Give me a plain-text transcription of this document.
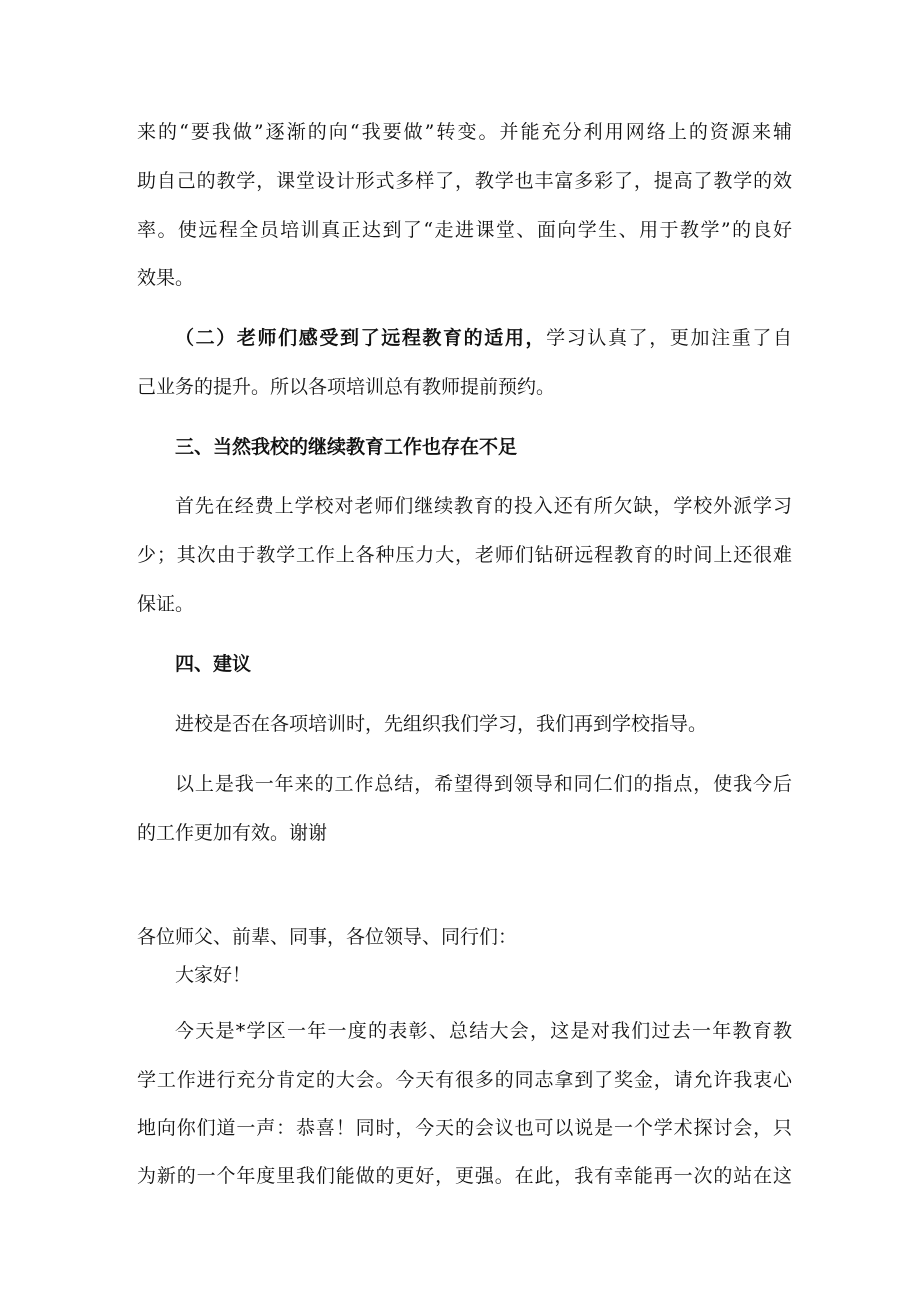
来的“要我做”逐渐的向“我要做”转变。并能充分利用网络上的资源来辅
助自己的教学，课堂设计形式多样了，教学也丰富多彩了，提高了教学的效
率。使远程全员培训真正达到了“走进课堂、面向学生、用于教学”的良好
效果。
（二）老师们感受到了远程教育的适用，学习认真了，更加注重了自
己业务的提升。所以各项培训总有教师提前预约。
三、当然我校的继续教育工作也存在不足
首先在经费上学校对老师们继续教育的投入还有所欠缺，学校外派学习
少；其次由于教学工作上各种压力大，老师们钻研远程教育的时间上还很难
保证。
四、建议
进校是否在各项培训时，先组织我们学习，我们再到学校指导。
以上是我一年来的工作总结，希望得到领导和同仁们的指点，使我今后
的工作更加有效。谢谢
各位师父、前辈、同事，各位领导、同行们：
大家好！
今天是*学区一年一度的表彰、总结大会，这是对我们过去一年教育教
学工作进行充分肯定的大会。今天有很多的同志拿到了奖金，请允许我衷心
地向你们道一声：恭喜！同时，今天的会议也可以说是一个学术探讨会，只
为新的一个年度里我们能做的更好，更强。在此，我有幸能再一次的站在这
